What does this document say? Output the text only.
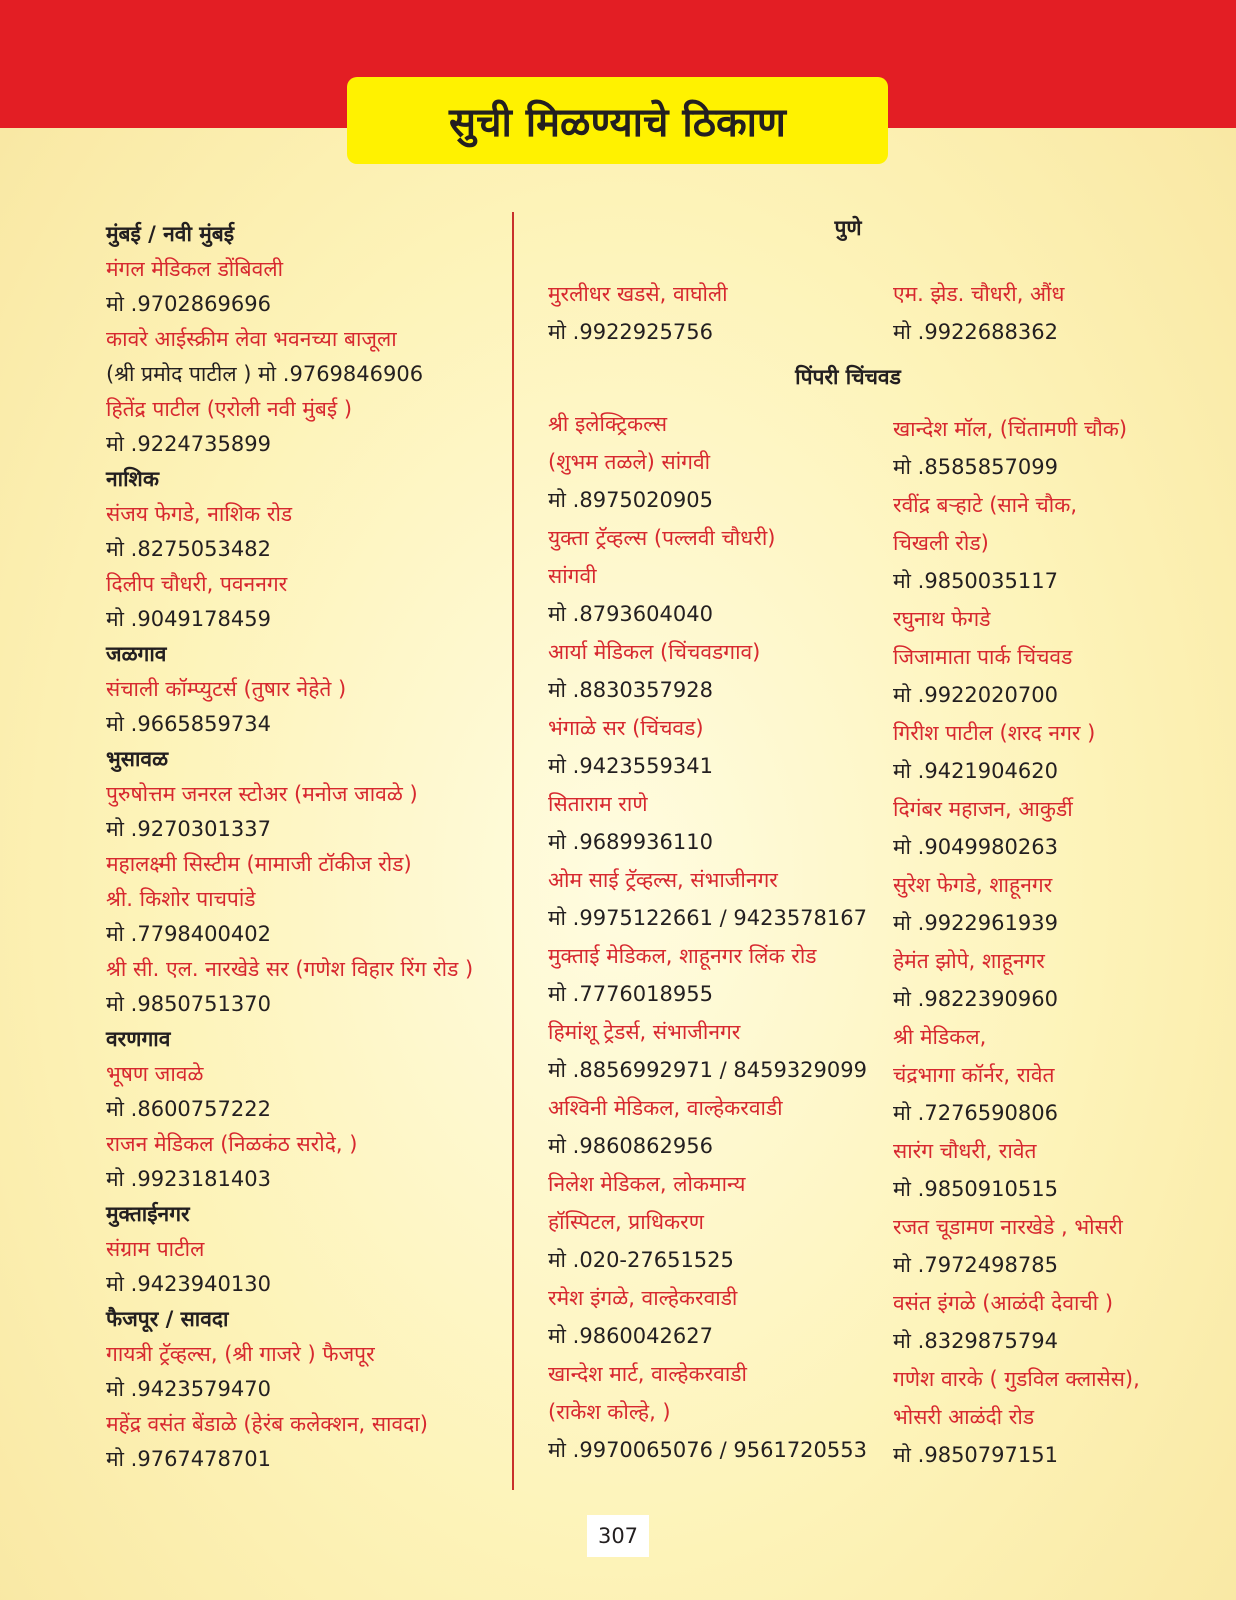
सुची मिळण्याचे ठिकाण
मुंबई / नवी मुंबई
मंगल मेडिकल डोंबिवली
मो .9702869696
कावरे आईस्क्रीम लेवा भवनच्या बाजूला
(श्री प्रमोद पाटील ) मो .9769846906
हितेंद्र पाटील (एरोली नवी मुंबई )
मो .9224735899
नाशिक
संजय फेगडे, नाशिक रोड
मो .8275053482
दिलीप चौधरी, पवननगर
मो .9049178459
जळगाव
संचाली कॉम्प्युटर्स (तुषार नेहेते )
मो .9665859734
भुसावळ
पुरुषोत्तम जनरल स्टोअर (मनोज जावळे )
मो .9270301337
महालक्ष्मी सिस्टीम (मामाजी टॉकीज रोड)
श्री. किशोर पाचपांडे
मो .7798400402
श्री सी. एल. नारखेडे सर (गणेश विहार रिंग रोड )
मो .9850751370
वरणगाव
भूषण जावळे
मो .8600757222
राजन मेडिकल (निळकंठ सरोदे, )
मो .9923181403
मुक्ताईनगर
संग्राम पाटील
मो .9423940130
फैजपूर / सावदा
गायत्री ट्रॅव्हल्स, (श्री गाजरे ) फैजपूर
मो .9423579470
महेंद्र वसंत बेंडाळे (हेरंब कलेक्शन, सावदा)
मो .9767478701
पुणे
मुरलीधर खडसे, वाघोली
मो .9922925756
एम. झेड. चौधरी, औंध
मो .9922688362
पिंपरी चिंचवड
श्री इलेक्ट्रिकल्स
(शुभम तळले) सांगवी
मो .8975020905
युक्ता ट्रॅव्हल्स (पल्लवी चौधरी)
सांगवी
मो .8793604040
आर्या मेडिकल (चिंचवडगाव)
मो .8830357928
भंगाळे सर (चिंचवड)
मो .9423559341
सिताराम राणे
मो .9689936110
ओम साई ट्रॅव्हल्स, संभाजीनगर
मो .9975122661 / 9423578167
मुक्ताई मेडिकल, शाहूनगर लिंक रोड
मो .7776018955
हिमांशू ट्रेडर्स, संभाजीनगर
मो .8856992971 / 8459329099
अश्विनी मेडिकल, वाल्हेकरवाडी
मो .9860862956
निलेश मेडिकल, लोकमान्य
हॉस्पिटल, प्राधिकरण
मो .020-27651525
रमेश इंगळे, वाल्हेकरवाडी
मो .9860042627
खान्देश मार्ट, वाल्हेकरवाडी
(राकेश कोल्हे, )
मो .9970065076 / 9561720553
खान्देश मॉल, (चिंतामणी चौक)
मो .8585857099
रवींद्र बऱ्हाटे (साने चौक,
चिखली रोड)
मो .9850035117
रघुनाथ फेगडे
जिजामाता पार्क चिंचवड
मो .9922020700
गिरीश पाटील (शरद नगर )
मो .9421904620
दिगंबर महाजन, आकुर्डी
मो .9049980263
सुरेश फेगडे, शाहूनगर
मो .9922961939
हेमंत झोपे, शाहूनगर
मो .9822390960
श्री मेडिकल,
चंद्रभागा कॉर्नर, रावेत
मो .7276590806
सारंग चौधरी, रावेत
मो .9850910515
रजत चूडामण नारखेडे , भोसरी
मो .7972498785
वसंत इंगळे (आळंदी देवाची )
मो .8329875794
गणेश वारके ( गुडविल क्लासेस),
भोसरी आळंदी रोड
मो .9850797151
307
